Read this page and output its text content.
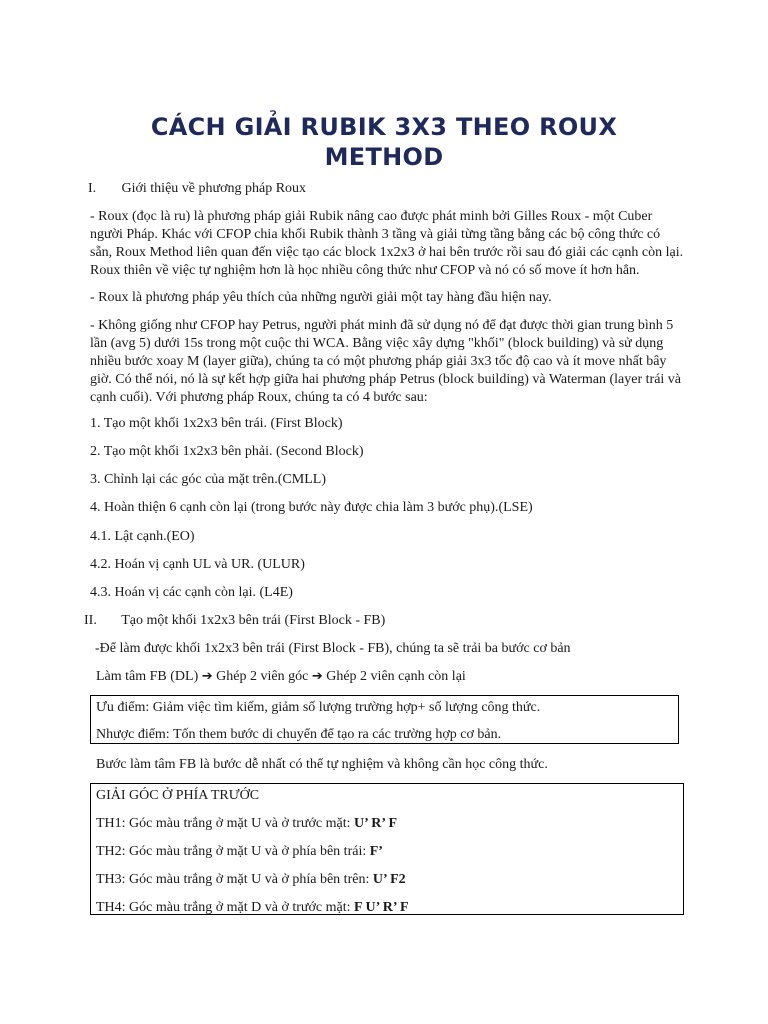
CÁCH GIẢI RUBIK 3X3 THEO ROUX METHOD
I. Giới thiệu về phương pháp Roux
- Roux (đọc là ru) là phương pháp giải Rubik nâng cao được phát minh bởi Gilles Roux - một Cuber
người Pháp. Khác với CFOP chia khối Rubik thành 3 tầng và giải từng tầng bằng các bộ công thức có
sẵn, Roux Method liên quan đến việc tạo các block 1x2x3 ở hai bên trước rồi sau đó giải các cạnh còn lại.
Roux thiên về việc tự nghiệm hơn là học nhiều công thức như CFOP và nó có số move ít hơn hẳn.
- Roux là phương pháp yêu thích của những người giải một tay hàng đầu hiện nay.
- Không giống như CFOP hay Petrus, người phát minh đã sử dụng nó để đạt được thời gian trung bình 5
lần (avg 5) dưới 15s trong một cuộc thi WCA. Bằng việc xây dựng "khối" (block building) và sử dụng
nhiều bước xoay M (layer giữa), chúng ta có một phương pháp giải 3x3 tốc độ cao và ít move nhất bây
giờ. Có thể nói, nó là sự kết hợp giữa hai phương pháp Petrus (block building) và Waterman (layer trái và
cạnh cuối). Với phương pháp Roux, chúng ta có 4 bước sau:
1. Tạo một khối 1x2x3 bên trái. (First Block)
2. Tạo một khối 1x2x3 bên phải. (Second Block)
3. Chỉnh lại các góc của mặt trên.(CMLL)
4. Hoàn thiện 6 cạnh còn lại (trong bước này được chia làm 3 bước phụ).(LSE)
4.1. Lật cạnh.(EO)
4.2. Hoán vị cạnh UL và UR. (ULUR)
4.3. Hoán vị các cạnh còn lại. (L4E)
II. Tạo một khối 1x2x3 bên trái (First Block - FB)
-Để làm được khối 1x2x3 bên trái (First Block - FB), chúng ta sẽ trải ba bước cơ bản
Làm tâm FB (DL) ➔ Ghép 2 viên góc ➔ Ghép 2 viên cạnh còn lại
Ưu điểm: Giảm việc tìm kiếm, giảm số lượng trường hợp+ số lượng công thức.
Nhược điểm: Tốn them bước di chuyển để tạo ra các trường hợp cơ bản.
Bước làm tâm FB là bước dễ nhất có thể tự nghiệm và không cần học công thức.
GIẢI GÓC Ở PHÍA TRƯỚC
TH1: Góc màu trắng ở mặt U và ở trước mặt: U’ R’ F
TH2: Góc màu trắng ở mặt U và ở phía bên trái: F’
TH3: Góc màu trắng ở mặt U và ở phía bên trên: U’ F2
TH4: Góc màu trắng ở mặt D và ở trước mặt: F U’ R’ F
